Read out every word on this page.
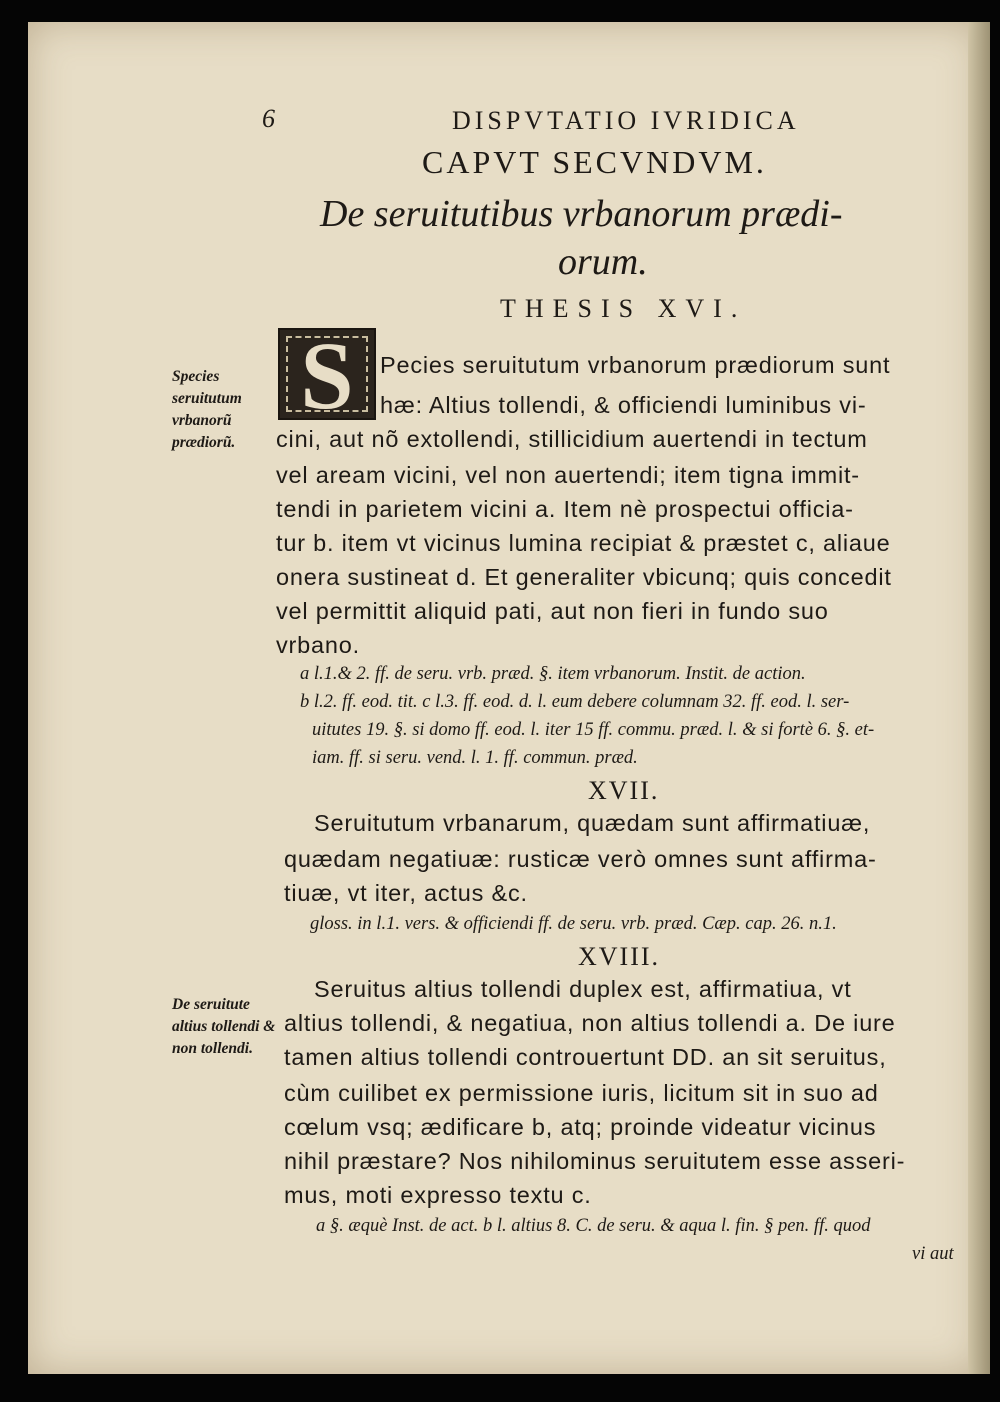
6	DISPVTATIO IVRIDICA
CAPVT SECVNDVM.
De seruitutibus vrbanorum prædi-
orum.
THESIS XVI.
S
Species seruitutum vrbanorũ prædiorũ.
De seruitute altius tollendi & non tollendi.
Pecies seruitutum vrbanorum prædiorum sunt
hæ: Altius tollendi, & officiendi luminibus vi-
cini, aut nõ extollendi, stillicidium auertendi in tectum
vel aream vicini, vel non auertendi; item tigna immit-
tendi in parietem vicini a. Item nè prospectui officia-
tur b. item vt vicinus lumina recipiat & præstet c, aliaue
onera sustineat d. Et generaliter vbicunq; quis concedit
vel permittit aliquid pati, aut non fieri in fundo suo
vrbano.
a l.1.& 2. ff. de seru. vrb. præd. §. item vrbanorum. Instit. de action.
b l.2. ff. eod. tit. c l.3. ff. eod. d. l. eum debere columnam 32. ff. eod. l. ser-
uitutes 19. §. si domo ff. eod. l. iter 15 ff. commu. præd. l. & si fortè 6. §. et-
iam. ff. si seru. vend. l. 1. ff. commun. præd.
XVII.
Seruitutum vrbanarum, quædam sunt affirmatiuæ,
quædam negatiuæ: rusticæ verò omnes sunt affirma-
tiuæ, vt iter, actus &c.
gloss. in l.1. vers. & officiendi ff. de seru. vrb. præd. Cæp. cap. 26. n.1.
XVIII.
Seruitus altius tollendi duplex est, affirmatiua, vt
altius tollendi, & negatiua, non altius tollendi a. De iure
tamen altius tollendi controuertunt DD. an sit seruitus,
cùm cuilibet ex permissione iuris, licitum sit in suo ad
cœlum vsq; ædificare b, atq; proinde videatur vicinus
nihil præstare? Nos nihilominus seruitutem esse asseri-
mus, moti expresso textu c.
a §. æquè Inst. de act. b l. altius 8. C. de seru. & aqua l. fin. § pen. ff. quod
vi aut
